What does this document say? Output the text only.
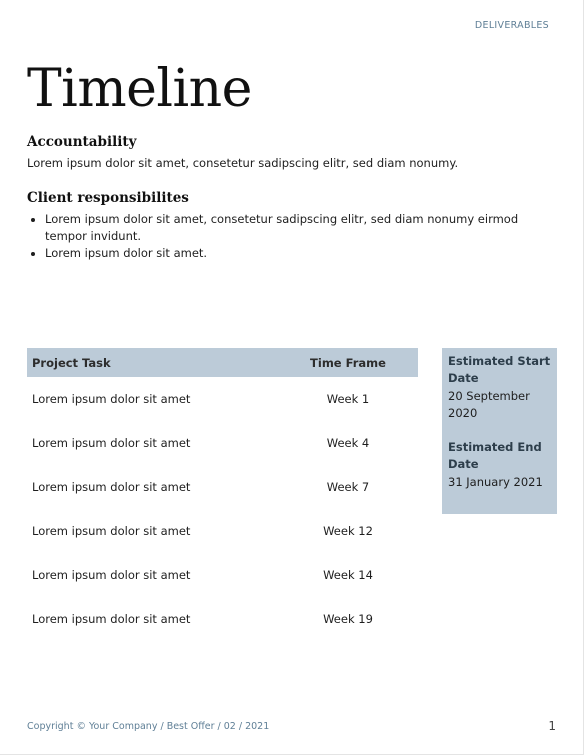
DELIVERABLES
Timeline
Accountability

Lorem ipsum dolor sit amet, consetetur sadipscing elitr, sed diam nonumy.

Client responsibilites
• Lorem ipsum dolor sit amet, consetetur sadipscing elitr, sed diam nonumy eirmod tempor invidunt.
• Lorem ipsum dolor sit amet.
Project Task	Time Frame
Lorem ipsum dolor sit amet	Week 1
Lorem ipsum dolor sit amet	Week 4
Lorem ipsum dolor sit amet	Week 7
Lorem ipsum dolor sit amet	Week 12
Lorem ipsum dolor sit amet	Week 14
Lorem ipsum dolor sit amet	Week 19
Estimated Start Date
20 September 2020
Estimated End Date
31 January 2021
Copyright © Your Company / Best Offer / 02 / 2021	1
